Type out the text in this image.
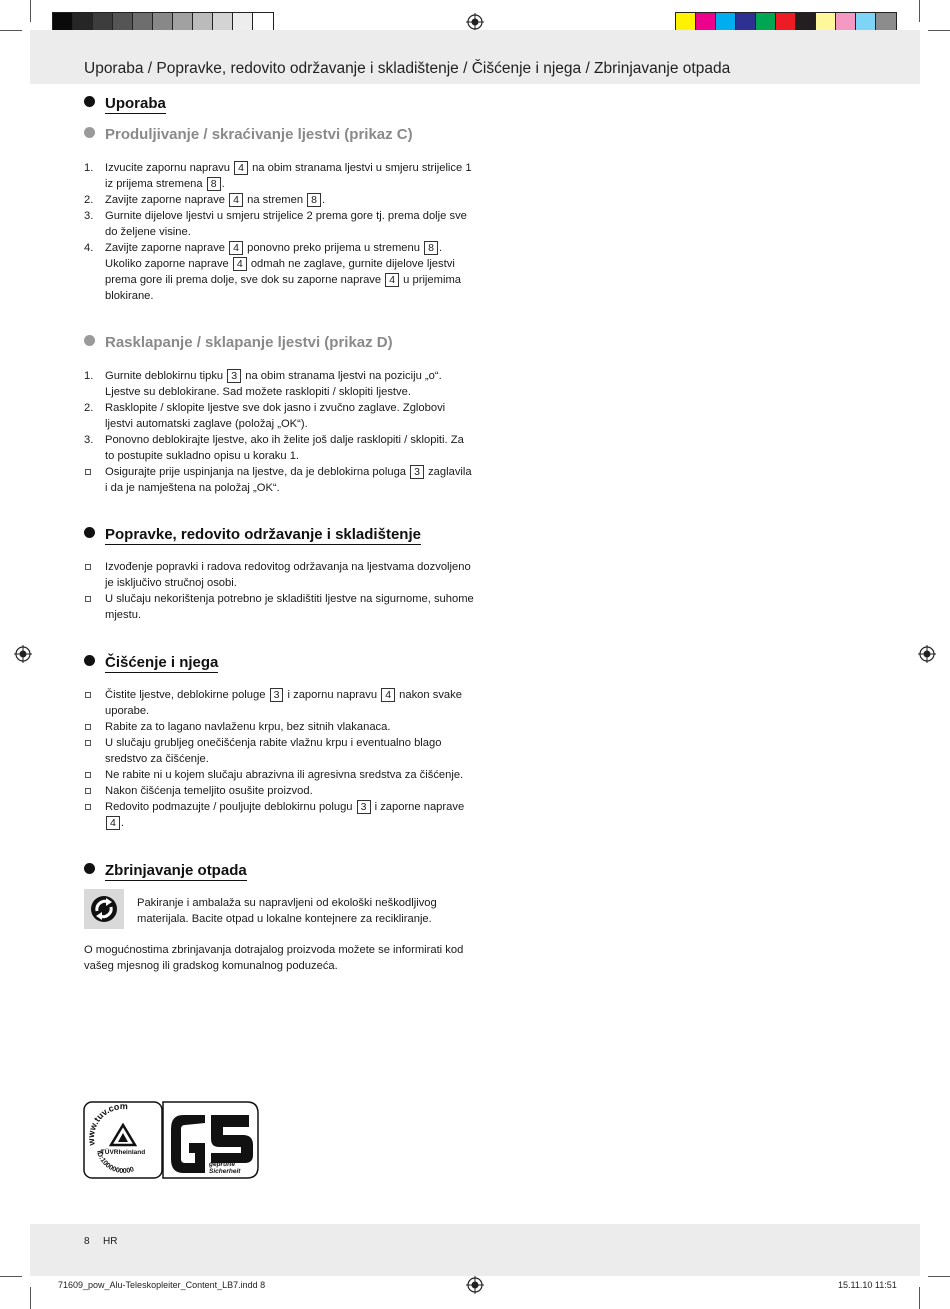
Uporaba / Popravke, redovito održavanje i skladištenje / Čišćenje i njega / Zbrinjavanje otpada
Uporaba
Produljivanje / skraćivanje ljestvi (prikaz C)
1. Izvucite zapornu napravu 4 na obim stranama ljestvi u smjeru strijelice 1 iz prijema stremena 8 .
2. Zavijte zaporne naprave 4 na stremen 8 .
3. Gurnite dijelove ljestvi u smjeru strijelice 2 prema gore tj. prema dolje sve do željene visine.
4. Zavijte zaporne naprave 4 ponovno preko prijema u stremenu 8 . Ukoliko zaporne naprave 4 odmah ne zaglave, gurnite dijelove ljestvi prema gore ili prema dolje, sve dok su zaporne naprave 4 u prijemima blokirane.
Rasklapanje / sklapanje ljestvi (prikaz D)
1. Gurnite deblokirnu tipku 3 na obim stranama ljestvi na poziciju „o“. Ljestve su deblokirane. Sad možete rasklopiti / sklopiti ljestve.
2. Rasklopite / sklopite ljestve sve dok jasno i zvučno zaglave. Zglobovi ljestvi automatski zaglave (položaj „OK“).
3. Ponovno deblokirajte ljestve, ako ih želite još dalje rasklopiti / sklopiti. Za to postupite sukladno opisu u koraku 1.
Osigurajte prije uspinjanja na ljestve, da je deblokirna poluga 3 zaglavila i da je namještena na položaj „OK“.
Popravke, redovito održavanje i skladištenje
Izvođenje popravki i radova redovitog održavanja na ljestvama dozvoljeno je isključivo stručnoj osobi.
U slučaju nekorištenja potrebno je skladištiti ljestve na sigurnome, suhome mjestu.
Čišćenje i njega
Čistite ljestve, deblokirne poluge 3 i zapornu napravu 4 nakon svake uporabe.
Rabite za to lagano navlaženu krpu, bez sitnih vlakanaca.
U slučaju grubljeg onečišćenja rabite vlažnu krpu i eventualno blago sredstvo za čišćenje.
Ne rabite ni u kojem slučaju abrazivna ili agresivna sredstva za čišćenje.
Nakon čišćenja temeljito osušite proizvod.
Redovito podmazujte / pouljujte deblokirnu polugu 3 i zaporne naprave 4 .
Zbrinjavanje otpada
Pakiranje i ambalaža su napravljeni od ekološki neškodljivog materijala. Bacite otpad u lokalne kontejnere za recikliranje.
O mogućnostima zbrinjavanja dotrajalog proizvoda možete se informirati kod vašeg mjesnog ili gradskog komunalnog poduzeća.
www.tuv.com
ID:1000000000
TÜVRheinland
geprüfte
Sicherheit
8 HR
71609_pow_Alu-Teleskopleiter_Content_LB7.indd 8	15.11.10 11:51
